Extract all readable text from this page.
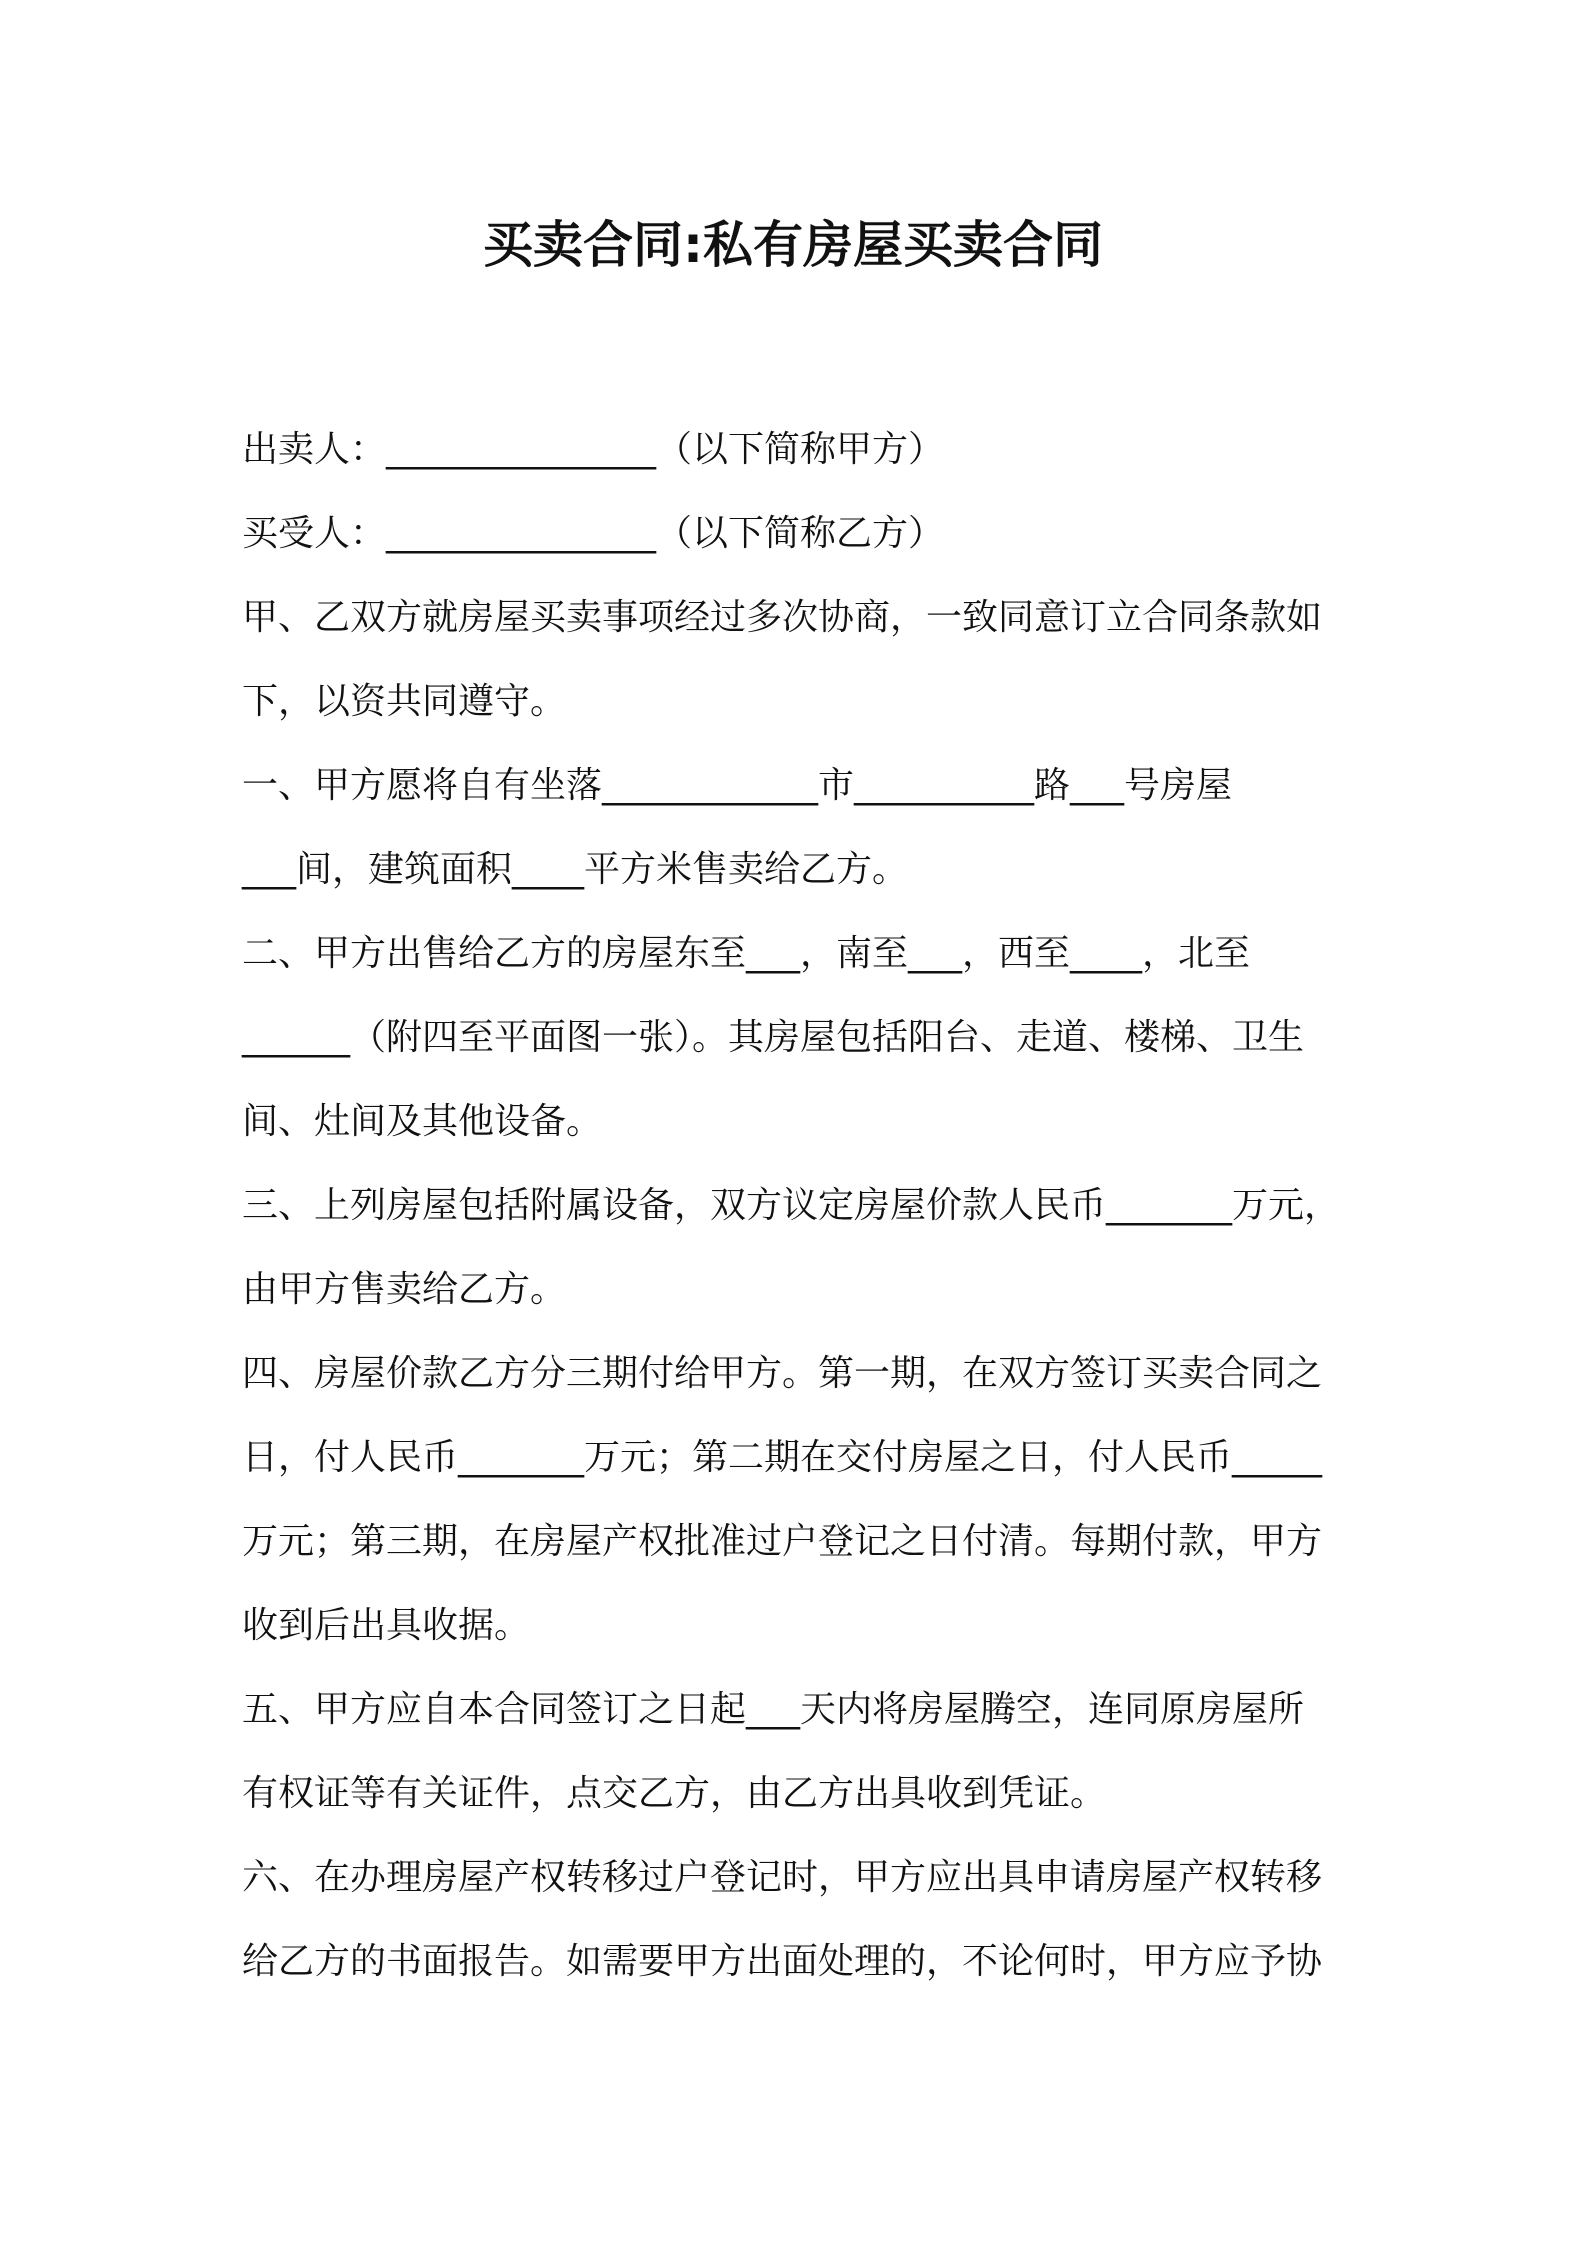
买卖合同:私有房屋买卖合同
出卖人：_______________（以下简称甲方）
买受人：_______________（以下简称乙方）
甲、乙双方就房屋买卖事项经过多次协商，一致同意订立合同条款如
下，以资共同遵守。
一、甲方愿将自有坐落____________市__________路___号房屋
___间，建筑面积____平方米售卖给乙方。
二、甲方出售给乙方的房屋东至___，南至___，西至____，北至
______（附四至平面图一张）。其房屋包括阳台、走道、楼梯、卫生
间、灶间及其他设备。
三、上列房屋包括附属设备，双方议定房屋价款人民币_______万元，
由甲方售卖给乙方。
四、房屋价款乙方分三期付给甲方。第一期，在双方签订买卖合同之
日，付人民币_______万元；第二期在交付房屋之日，付人民币_____
万元；第三期，在房屋产权批准过户登记之日付清。每期付款，甲方
收到后出具收据。
五、甲方应自本合同签订之日起___天内将房屋腾空，连同原房屋所
有权证等有关证件，点交乙方，由乙方出具收到凭证。
六、在办理房屋产权转移过户登记时，甲方应出具申请房屋产权转移
给乙方的书面报告。如需要甲方出面处理的，不论何时，甲方应予协
